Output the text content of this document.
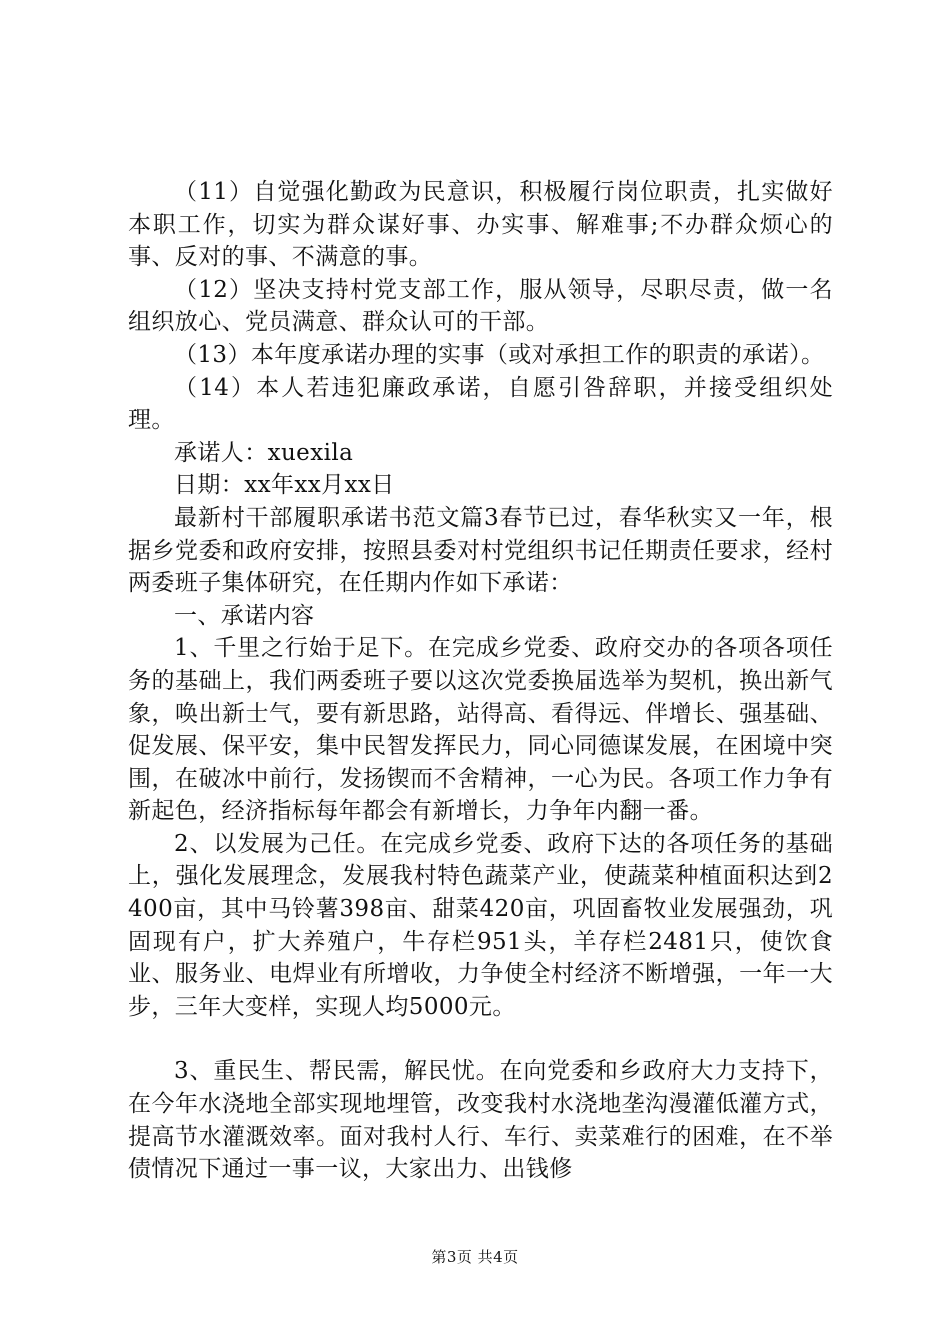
（11）自觉强化勤政为民意识，积极履行岗位职责，扎实做好本职工作，切实为群众谋好事、办实事、解难事;不办群众烦心的事、反对的事、不满意的事。

（12）坚决支持村党支部工作，服从领导，尽职尽责，做一名组织放心、党员满意、群众认可的干部。

（13）本年度承诺办理的实事（或对承担工作的职责的承诺）。

（14）本人若违犯廉政承诺，自愿引咎辞职，并接受组织处理。

承诺人：xuexila

日期：xx年xx月xx日

最新村干部履职承诺书范文篇3春节已过，春华秋实又一年，根据乡党委和政府安排，按照县委对村党组织书记任期责任要求，经村两委班子集体研究，在任期内作如下承诺：

一、承诺内容

1、千里之行始于足下。在完成乡党委、政府交办的各项各项任务的基础上，我们两委班子要以这次党委换届选举为契机，换出新气象，唤出新士气，要有新思路，站得高、看得远、伴增长、强基础、促发展、保平安，集中民智发挥民力，同心同德谋发展，在困境中突围，在破冰中前行，发扬锲而不舍精神，一心为民。各项工作力争有新起色，经济指标每年都会有新增长，力争年内翻一番。

2、以发展为己任。在完成乡党委、政府下达的各项任务的基础上，强化发展理念，发展我村特色蔬菜产业，使蔬菜种植面积达到2400亩，其中马铃薯398亩、甜菜420亩，巩固畜牧业发展强劲，巩固现有户，扩大养殖户，牛存栏951头，羊存栏2481只，使饮食业、服务业、电焊业有所增收，力争使全村经济不断增强，一年一大步，三年大变样，实现人均5000元。

3、重民生、帮民需，解民忧。在向党委和乡政府大力支持下，在今年水浇地全部实现地埋管，改变我村水浇地垄沟漫灌低灌方式，提高节水灌溉效率。面对我村人行、车行、卖菜难行的困难，在不举债情况下通过一事一议，大家出力、出钱修

第3页 共4页
